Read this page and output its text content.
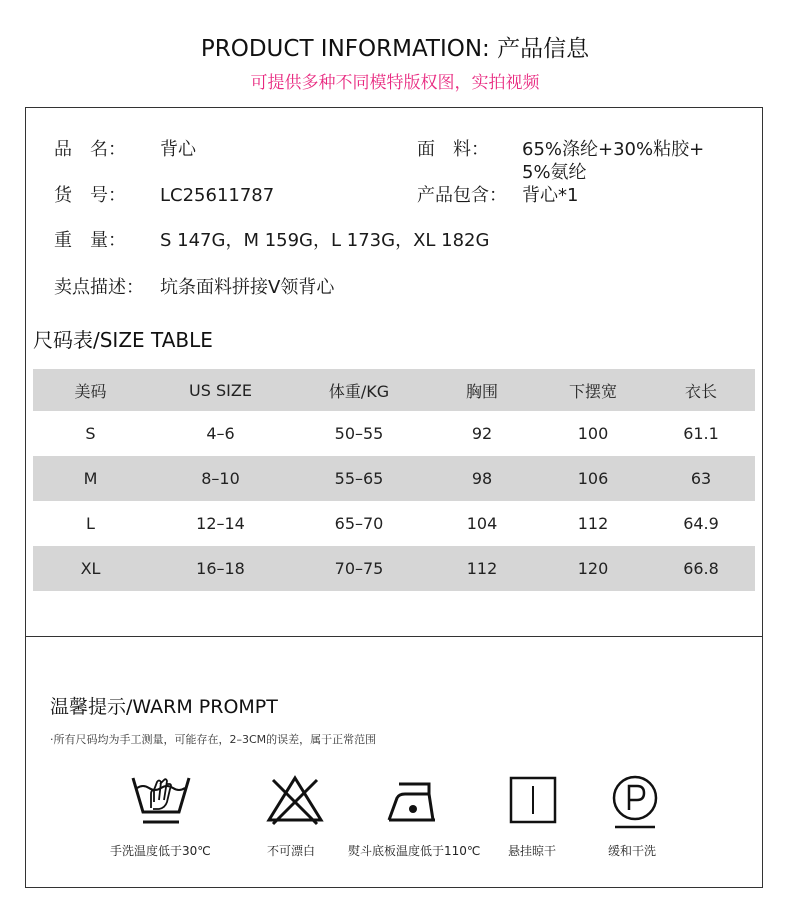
PRODUCT INFORMATION: 产品信息
可提供多种不同模特版权图，实拍视频
品　名： 背心	面　料： 65%涤纶+30%粘胶+
5%氨纶
货　号： LC25611787	产品包含： 背心*1
重　量： S 147G，M 159G，L 173G，XL 182G
卖点描述： 坑条面料拼接V领背心
尺码表/SIZE TABLE
美码	US SIZE	体重/KG	胸围	下摆宽	衣长
S	4–6	50–55	92	100	61.1
M	8–10	55–65	98	106	63
L	12–14	65–70	104	112	64.9
XL	16–18	70–75	112	120	66.8
温馨提示/WARM PROMPT
·所有尺码均为手工测量，可能存在，2–3CM的误差，属于正常范围
手洗温度低于30℃	不可漂白	熨斗底板温度低于110℃ 悬挂晾干	缓和干洗
